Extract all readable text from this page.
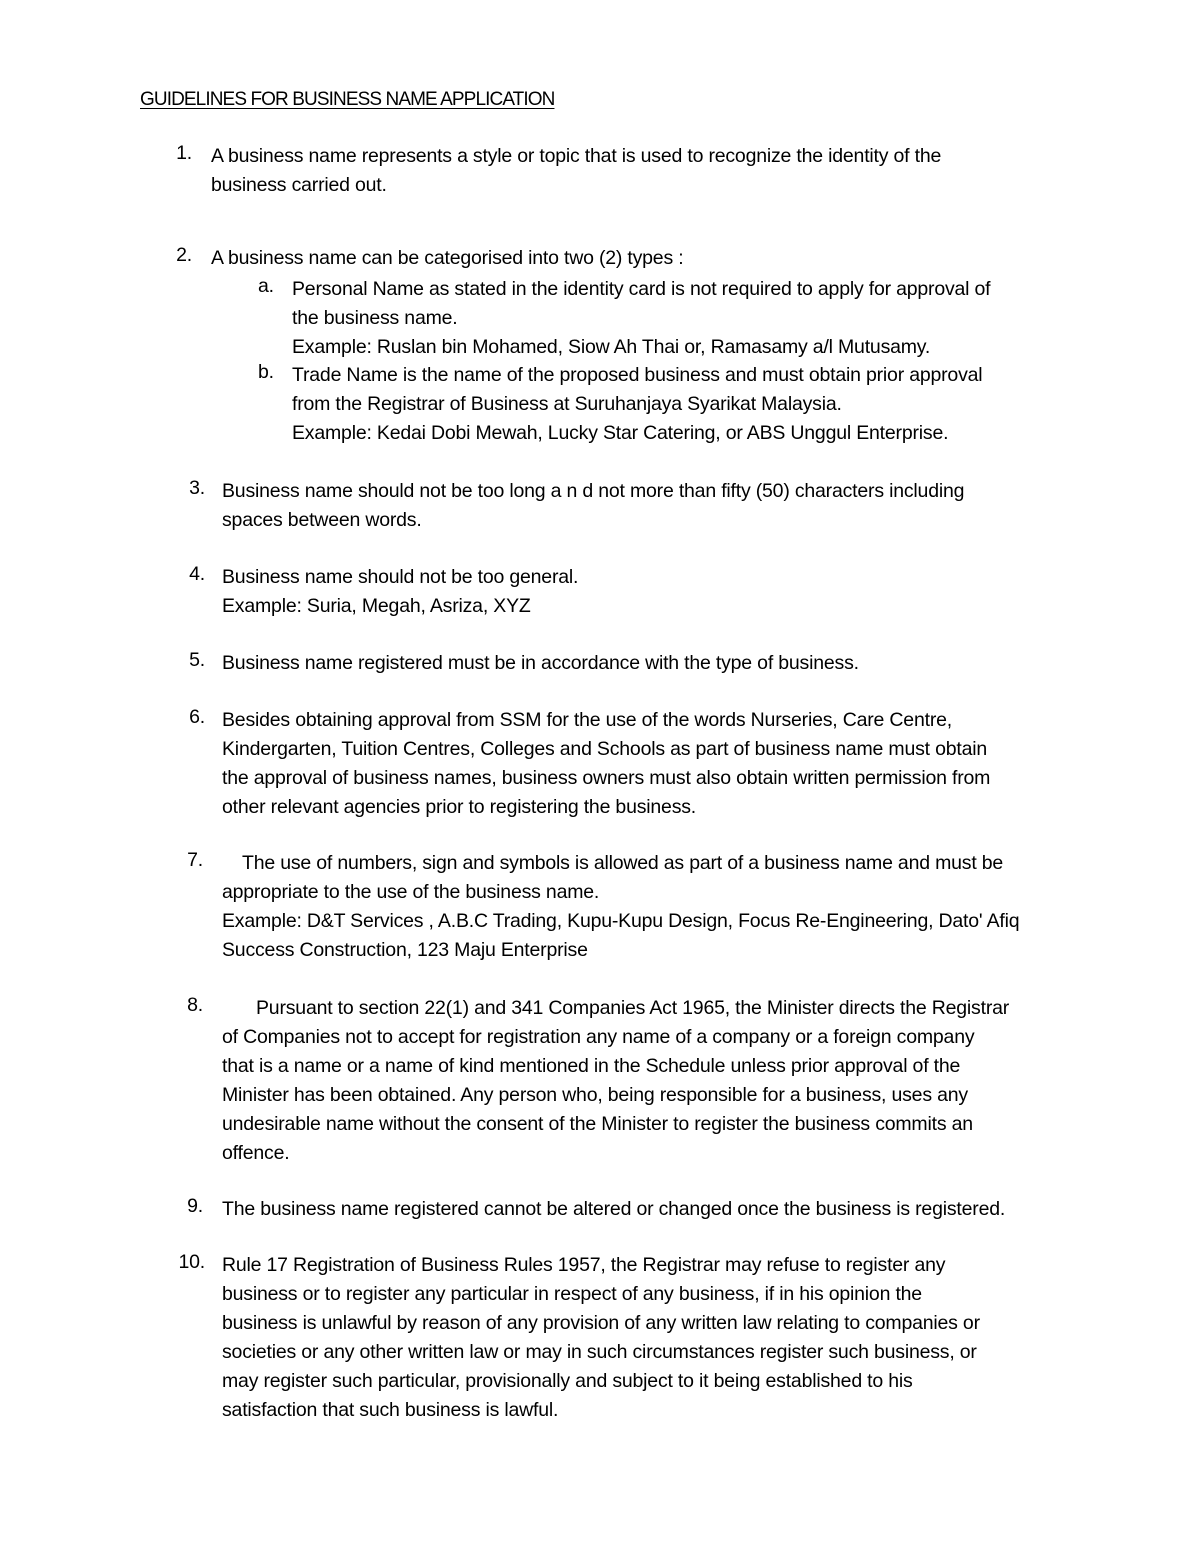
GUIDELINES FOR BUSINESS NAME APPLICATION
1. A business name represents a style or topic that is used to recognize the identity of the
business carried out.
2. A business name can be categorised into two (2) types :
a. Personal Name as stated in the identity card is not required to apply for approval of
the business name.
Example: Ruslan bin Mohamed, Siow Ah Thai or, Ramasamy a/l Mutusamy.
b. Trade Name is the name of the proposed business and must obtain prior approval
from the Registrar of Business at Suruhanjaya Syarikat Malaysia.
Example: Kedai Dobi Mewah, Lucky Star Catering, or ABS Unggul Enterprise.
3. Business name should not be too long a n d not more than fifty (50) characters including
spaces between words.
4. Business name should not be too general.
Example: Suria, Megah, Asriza, XYZ
5. Business name registered must be in accordance with the type of business.
6. Besides obtaining approval from SSM for the use of the words Nurseries, Care Centre,
Kindergarten, Tuition Centres, Colleges and Schools as part of business name must obtain
the approval of business names, business owners must also obtain written permission from
other relevant agencies prior to registering the business.
7.	The use of numbers, sign and symbols is allowed as part of a business name and must be
appropriate to the use of the business name.
Example: D&T Services , A.B.C Trading, Kupu-Kupu Design, Focus Re-Engineering, Dato' Afiq
Success Construction, 123 Maju Enterprise
8.	Pursuant to section 22(1) and 341 Companies Act 1965, the Minister directs the Registrar
of Companies not to accept for registration any name of a company or a foreign company
that is a name or a name of kind mentioned in the Schedule unless prior approval of the
Minister has been obtained. Any person who, being responsible for a business, uses any
undesirable name without the consent of the Minister to register the business commits an
offence.
9. The business name registered cannot be altered or changed once the business is registered.
10. Rule 17 Registration of Business Rules 1957, the Registrar may refuse to register any
business or to register any particular in respect of any business, if in his opinion the
business is unlawful by reason of any provision of any written law relating to companies or
societies or any other written law or may in such circumstances register such business, or
may register such particular, provisionally and subject to it being established to his
satisfaction that such business is lawful.
